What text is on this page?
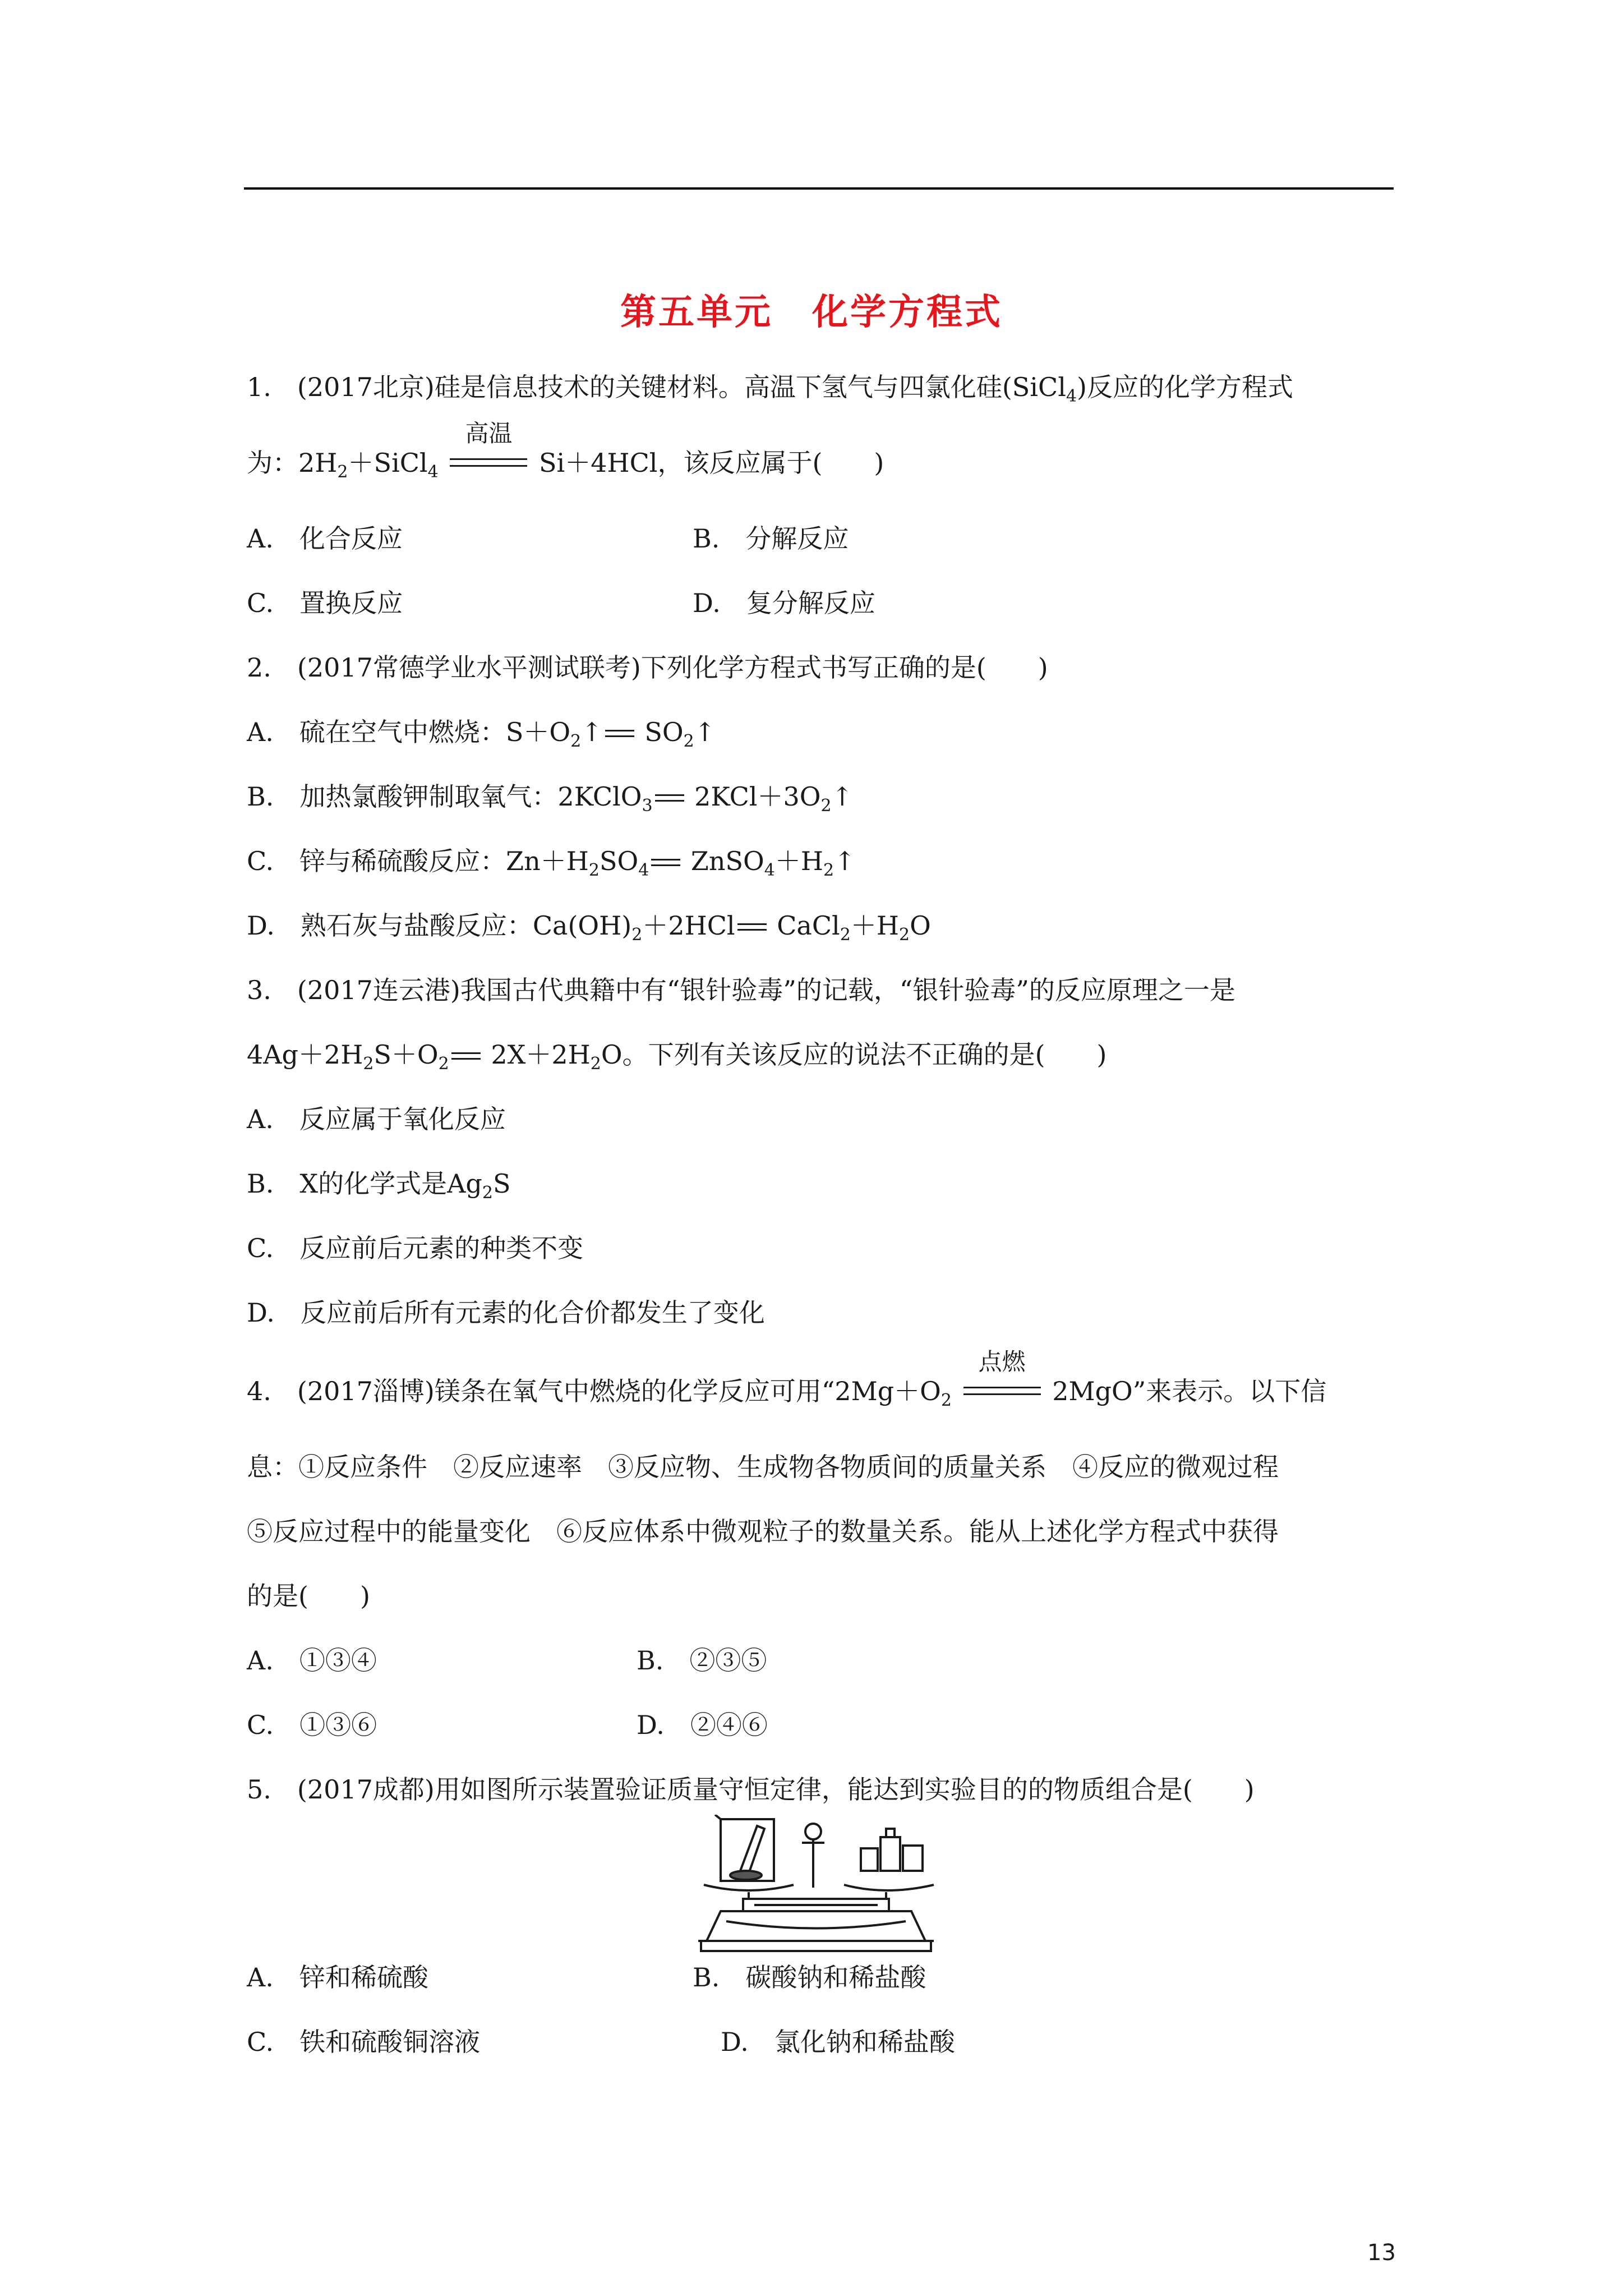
第五单元 化学方程式
1.　(2017北京)硅是信息技术的关键材料。高温下氢气与四氯化硅(SiCl$_4$)反应的化学方程式
为：$2H_2+SiCl_4$
高温
Si＋4HCl，该反应属于(　　)
A.　化合反应	B.　分解反应
C.　置换反应	D.　复分解反应
2.　(2017常德学业水平测试联考)下列化学方程式书写正确的是(　　)
A.　硫在空气中燃烧：$S+O_2↑$
$SO_2↑$
B.　加热氯酸钾制取氧气：2KClO$_3$
$2KCl+3O_2↑$
C.　锌与稀硫酸反应：$Zn+H_2SO_4$
$ZnSO_4+H_2↑$
D.　熟石灰与盐酸反应：$Ca(OH)_2+2HCl$
$CaCl_2+H_2O$
3.　(2017连云港)我国古代典籍中有“银针验毒”的记载，“银针验毒”的反应原理之一是
$4Ag+2H_2S+O_2$
$2X+2H_2O$。下列有关该反应的说法不正确的是(　　)
A.　反应属于氧化反应
B.　X的化学式是$Ag_2S$
C.　反应前后元素的种类不变
D.　反应前后所有元素的化合价都发生了变化
4.　(2017淄博)镁条在氧气中燃烧的化学反应可用“$2Mg+O_2$
点燃
2MgO”来表示。以下信
息：①反应条件　②反应速率　③反应物、生成物各物质间的质量关系　④反应的微观过程
⑤反应过程中的能量变化　⑥反应体系中微观粒子的数量关系。能从上述化学方程式中获得
的是(　　)
A.　①③④	B.　②③⑤
C.　①③⑥	D.　②④⑥
5.　(2017成都)用如图所示装置验证质量守恒定律，能达到实验目的的物质组合是(　　)
A.　锌和稀硫酸	B.　碳酸钠和稀盐酸
C.　铁和硫酸铜溶液	D.　氯化钠和稀盐酸
13
